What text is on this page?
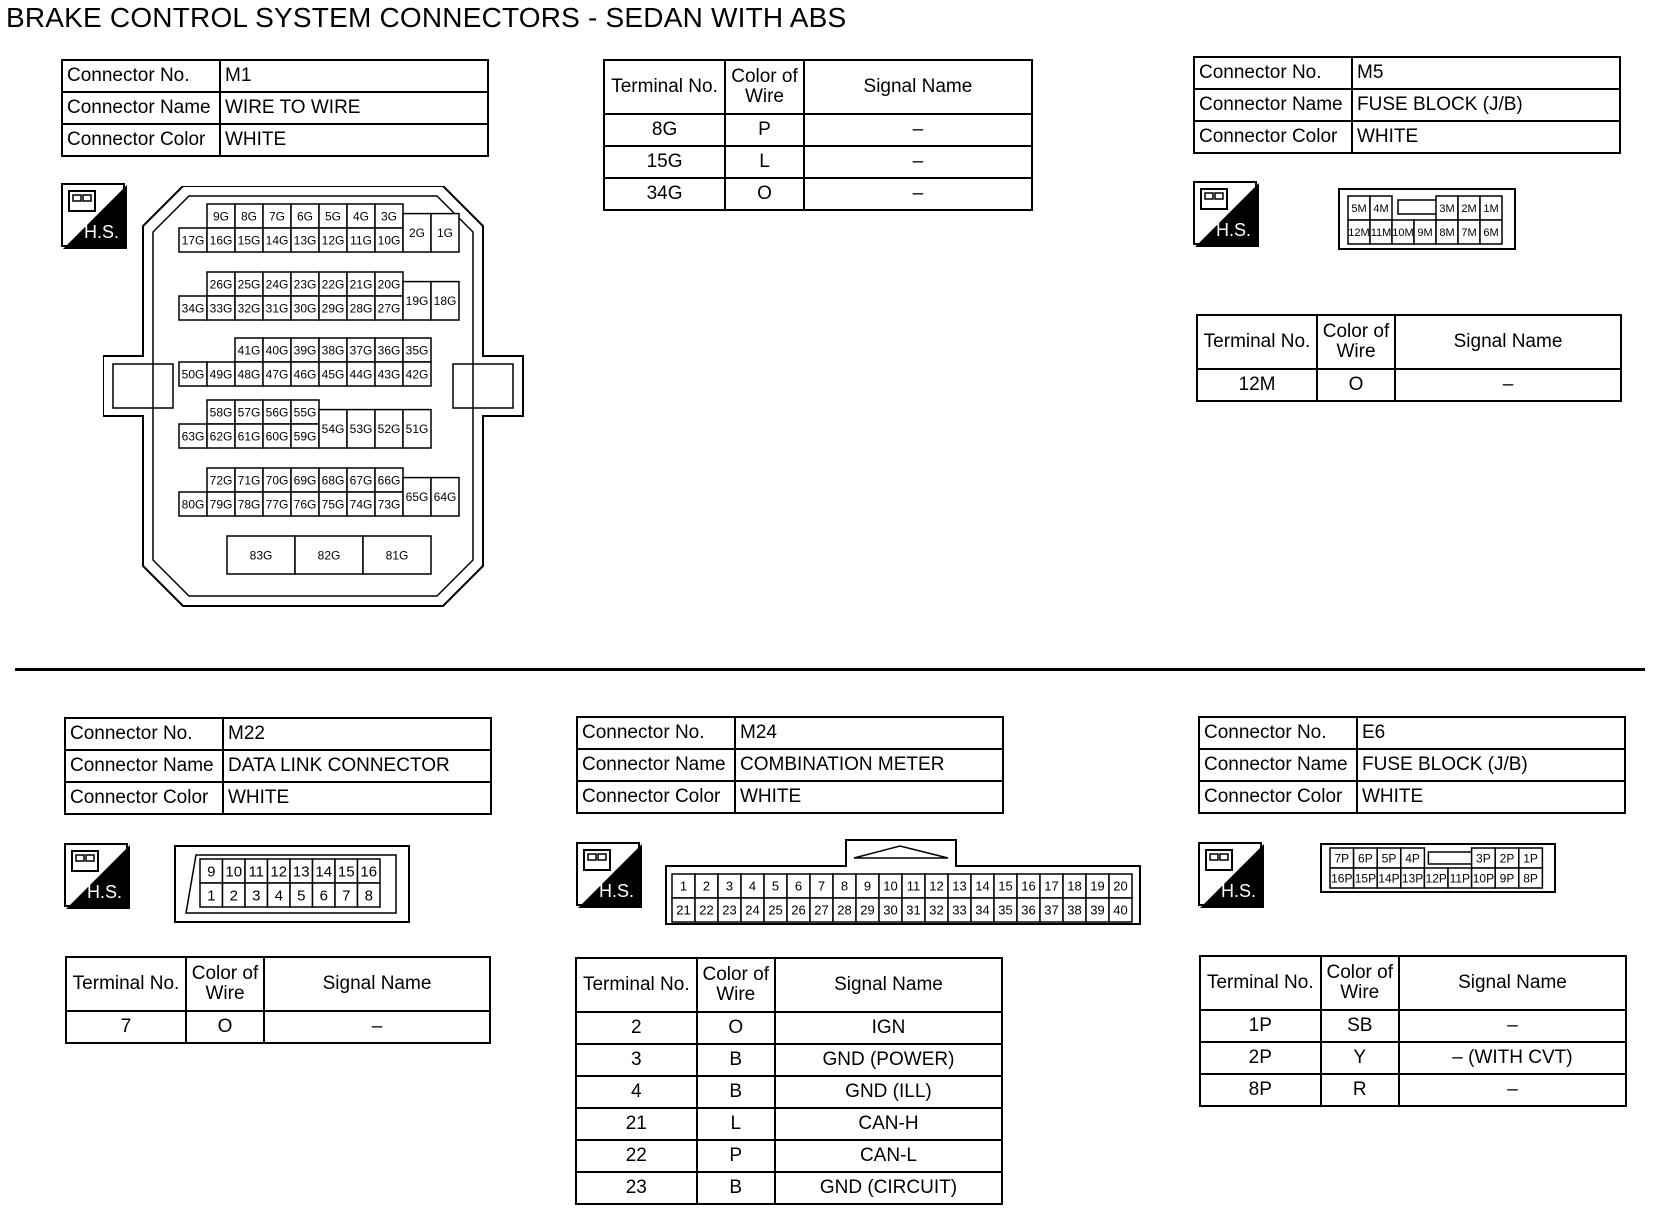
BRAKE CONTROL SYSTEM CONNECTORS - SEDAN WITH ABS
Connector No.	M1
Connector Name	WIRE TO WIRE
Connector Color	WHITE
H.S.
9G 8G 7G 6G 5G 4G 3G
17G 16G 15G 14G 13G 12G 11G 10G
2G 1G
26G 25G 24G 23G 22G 21G 20G
34G 33G 32G 31G 30G 29G 28G 27G
19G 18G
41G 40G 39G 38G 37G 36G 35G
50G 49G 48G 47G 46G 45G 44G 43G 42G
58G 57G 56G 55G
63G 62G 61G 60G 59G
54G 53G 52G 51G
72G 71G 70G 69G 68G 67G 66G
80G 79G 78G 77G 76G 75G 74G 73G
65G 64G
83G	82G	81G
Terminal No.	Color of
Wire	Signal Name
8G	P	–
15G	L	–
34G	O	–
Connector No.	M5
Connector Name	FUSE BLOCK (J/B)
Connector Color	WHITE
H.S.
5M 4M	3M 2M 1M
12M 11M 10M 9M 8M 7M 6M
Terminal No.	Color of
Wire	Signal Name
12M	O	–
Connector No.	M22
Connector Name	DATA LINK CONNECTOR
Connector Color	WHITE
H.S.
9 10 11 12 13 14 15 16
1 2 3 4 5 6 7 8
Terminal No.	Color of
Wire	Signal Name
7	O	–
Connector No.	M24
Connector Name	COMBINATION METER
Connector Color	WHITE
H.S.	1 2 3 4 5 6 7 8 9 10 11 12 13 14 15 16 17 18 19 20
21 22 23 24 25 26 27 28 29 30 31 32 33 34 35 36 37 38 39 40
Terminal No.	Color of
Wire	Signal Name
2	O	IGN
3	B	GND (POWER)
4	B	GND (ILL)
21	L	CAN-H
22	P	CAN-L
23	B	GND (CIRCUIT)
Connector No.	E6
Connector Name	FUSE BLOCK (J/B)
Connector Color	WHITE
H.S.
7P 6P 5P 4P	3P 2P 1P
16P 15P 14P 13P 12P 11P 10P 9P 8P
Terminal No.	Color of
Wire	Signal Name
1P	SB	–
2P	Y	– (WITH CVT)
8P	R	–
